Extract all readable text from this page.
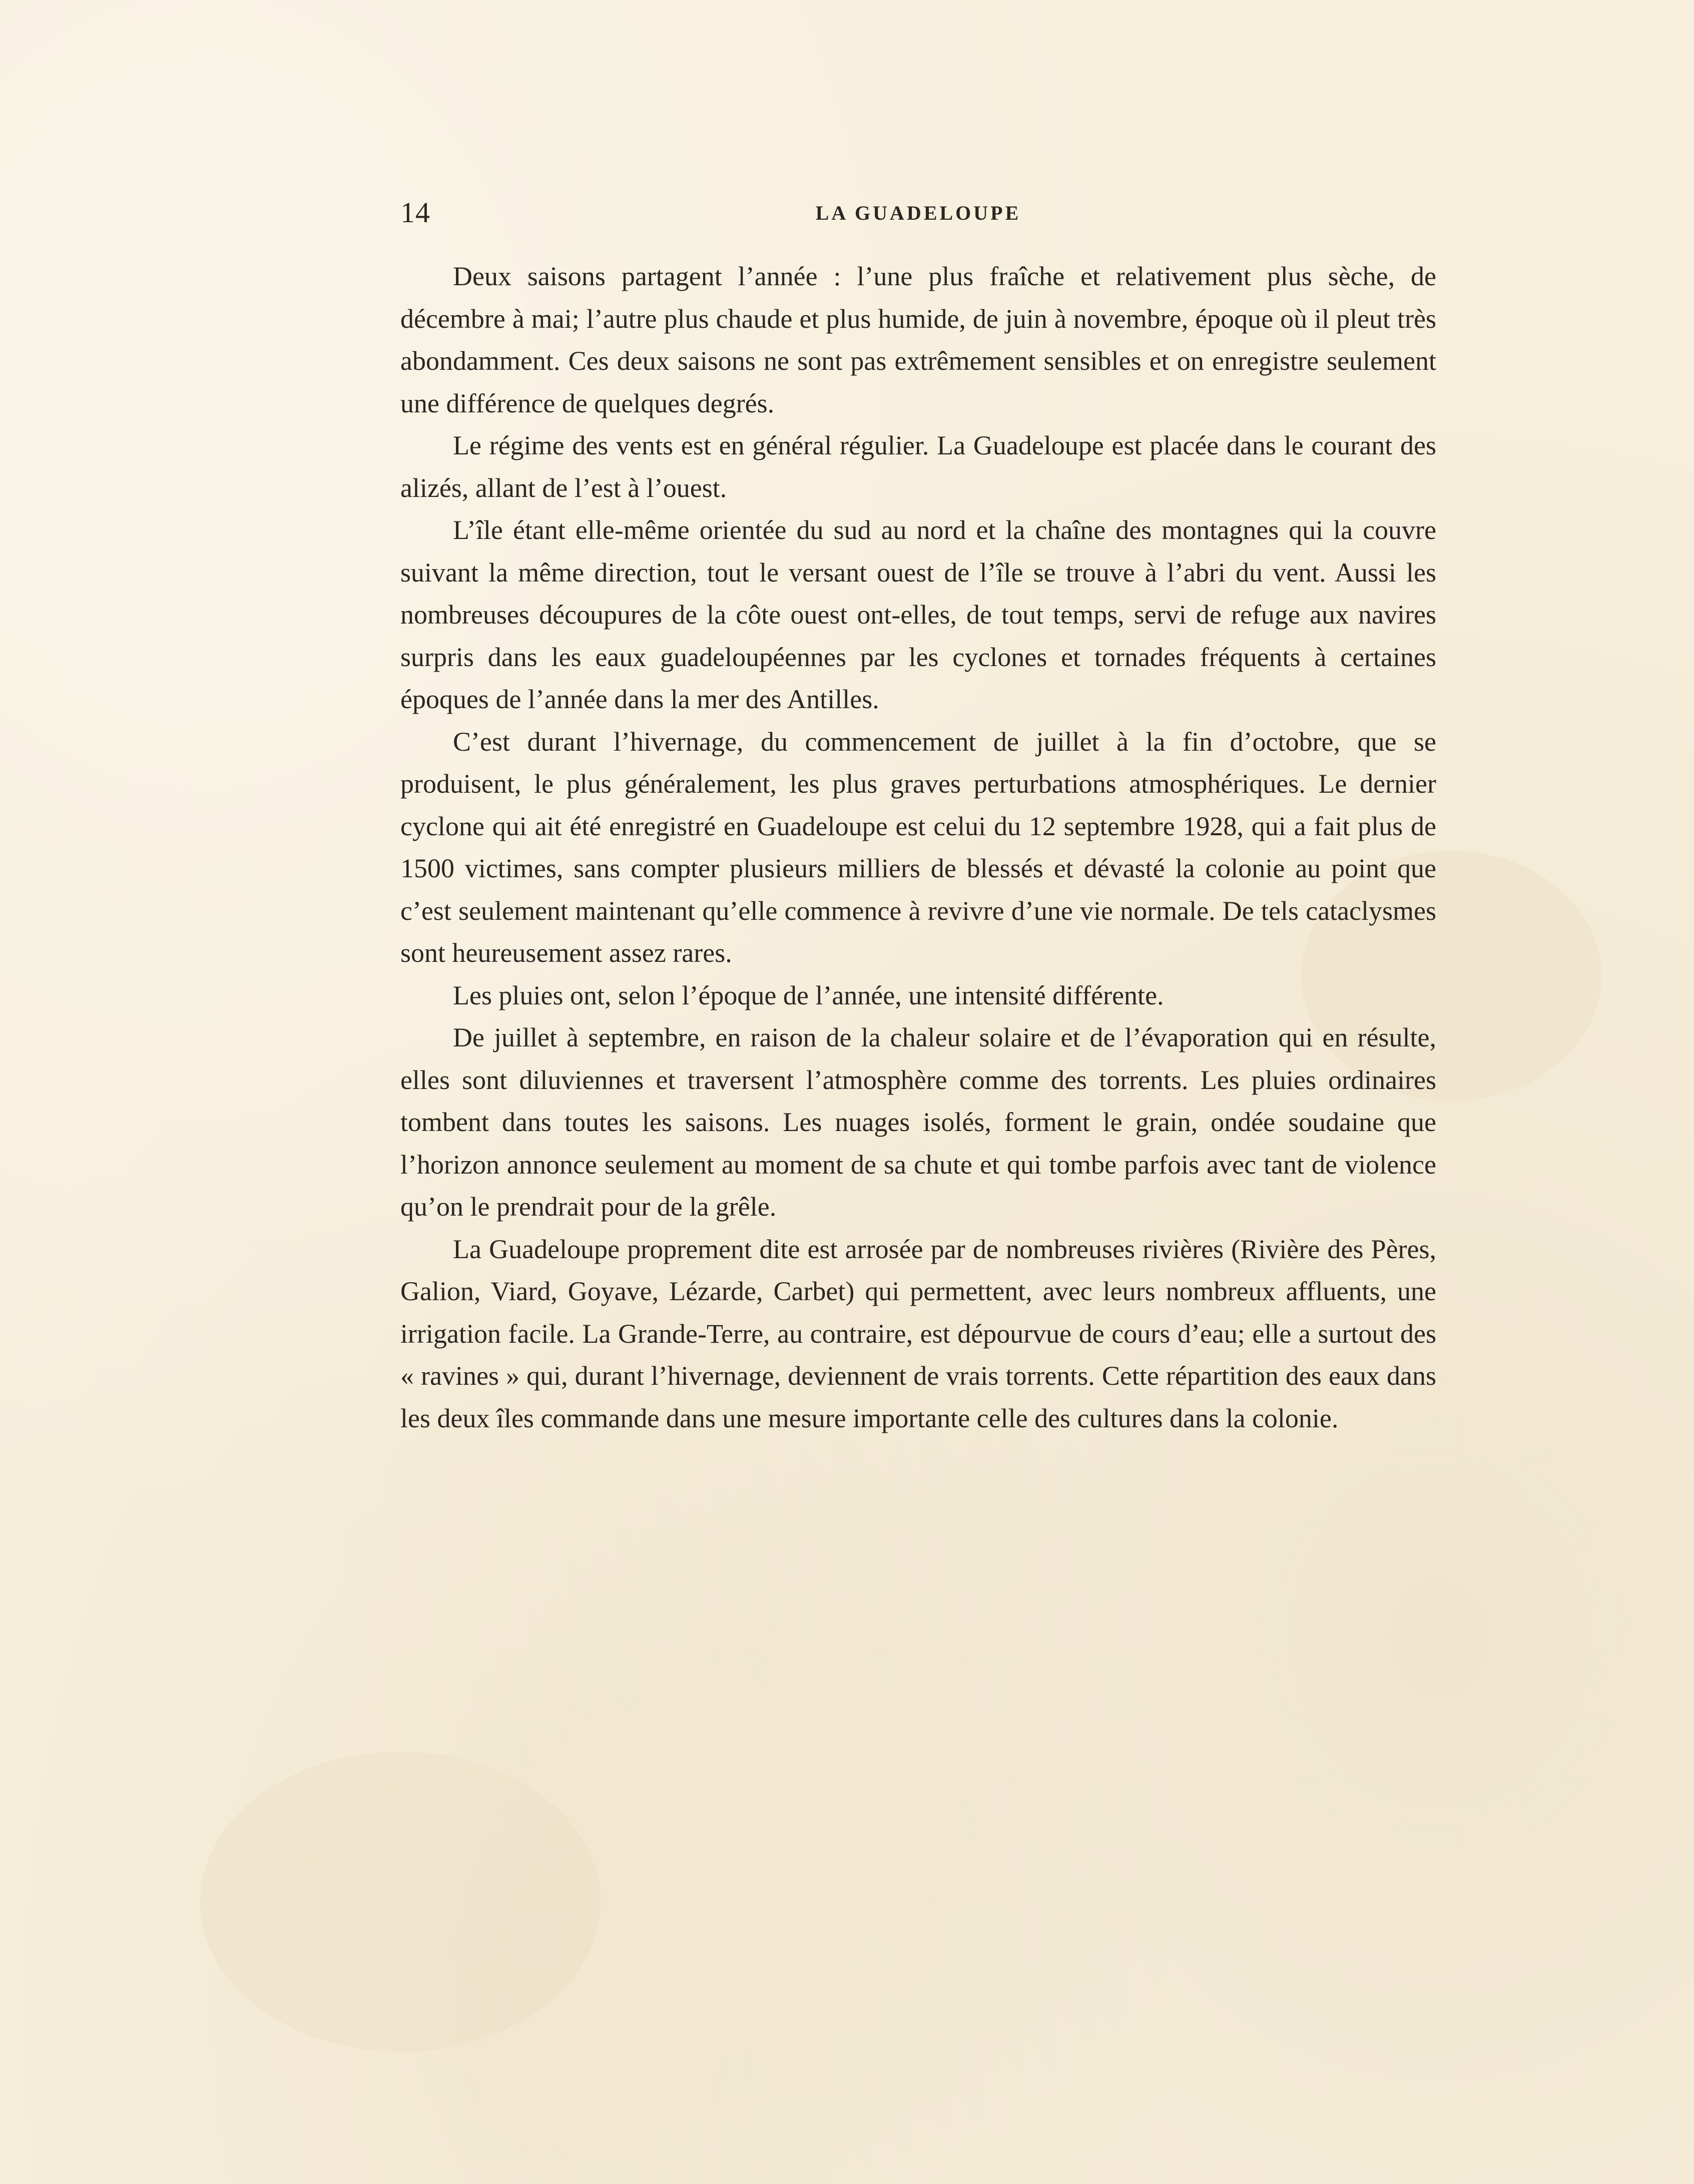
14	LA GUADELOUPE

Deux saisons partagent l’année : l’une plus fraîche et relativement plus sèche, de décembre à mai; l’autre plus chaude et plus humide, de juin à novembre, époque où il pleut très abondamment. Ces deux saisons ne sont pas extrêmement sensibles et on enregistre seulement une différence de quelques degrés.

Le régime des vents est en général régulier. La Guadeloupe est placée dans le courant des alizés, allant de l’est à l’ouest.

L’île étant elle-même orientée du sud au nord et la chaîne des montagnes qui la couvre suivant la même direction, tout le versant ouest de l’île se trouve à l’abri du vent. Aussi les nombreuses découpures de la côte ouest ont-elles, de tout temps, servi de refuge aux navires surpris dans les eaux guadeloupéennes par les cyclones et tornades fréquents à certaines époques de l’année dans la mer des Antilles.

C’est durant l’hivernage, du commencement de juillet à la fin d’octobre, que se produisent, le plus généralement, les plus graves perturbations atmosphériques. Le dernier cyclone qui ait été enregistré en Guadeloupe est celui du 12 septembre 1928, qui a fait plus de 1500 victimes, sans compter plusieurs milliers de blessés et dévasté la colonie au point que c’est seulement maintenant qu’elle commence à revivre d’une vie normale. De tels cataclysmes sont heureusement assez rares.

Les pluies ont, selon l’époque de l’année, une intensité différente.

De juillet à septembre, en raison de la chaleur solaire et de l’évaporation qui en résulte, elles sont diluviennes et traversent l’atmosphère comme des torrents. Les pluies ordinaires tombent dans toutes les saisons. Les nuages isolés, forment le grain, ondée soudaine que l’horizon annonce seulement au moment de sa chute et qui tombe parfois avec tant de violence qu’on le prendrait pour de la grêle.

La Guadeloupe proprement dite est arrosée par de nombreuses rivières (Rivière des Pères, Galion, Viard, Goyave, Lézarde, Carbet) qui permettent, avec leurs nombreux affluents, une irrigation facile. La Grande-Terre, au contraire, est dépourvue de cours d’eau; elle a surtout des « ravines » qui, durant l’hivernage, deviennent de vrais torrents. Cette répartition des eaux dans les deux îles commande dans une mesure importante celle des cultures dans la colonie.
